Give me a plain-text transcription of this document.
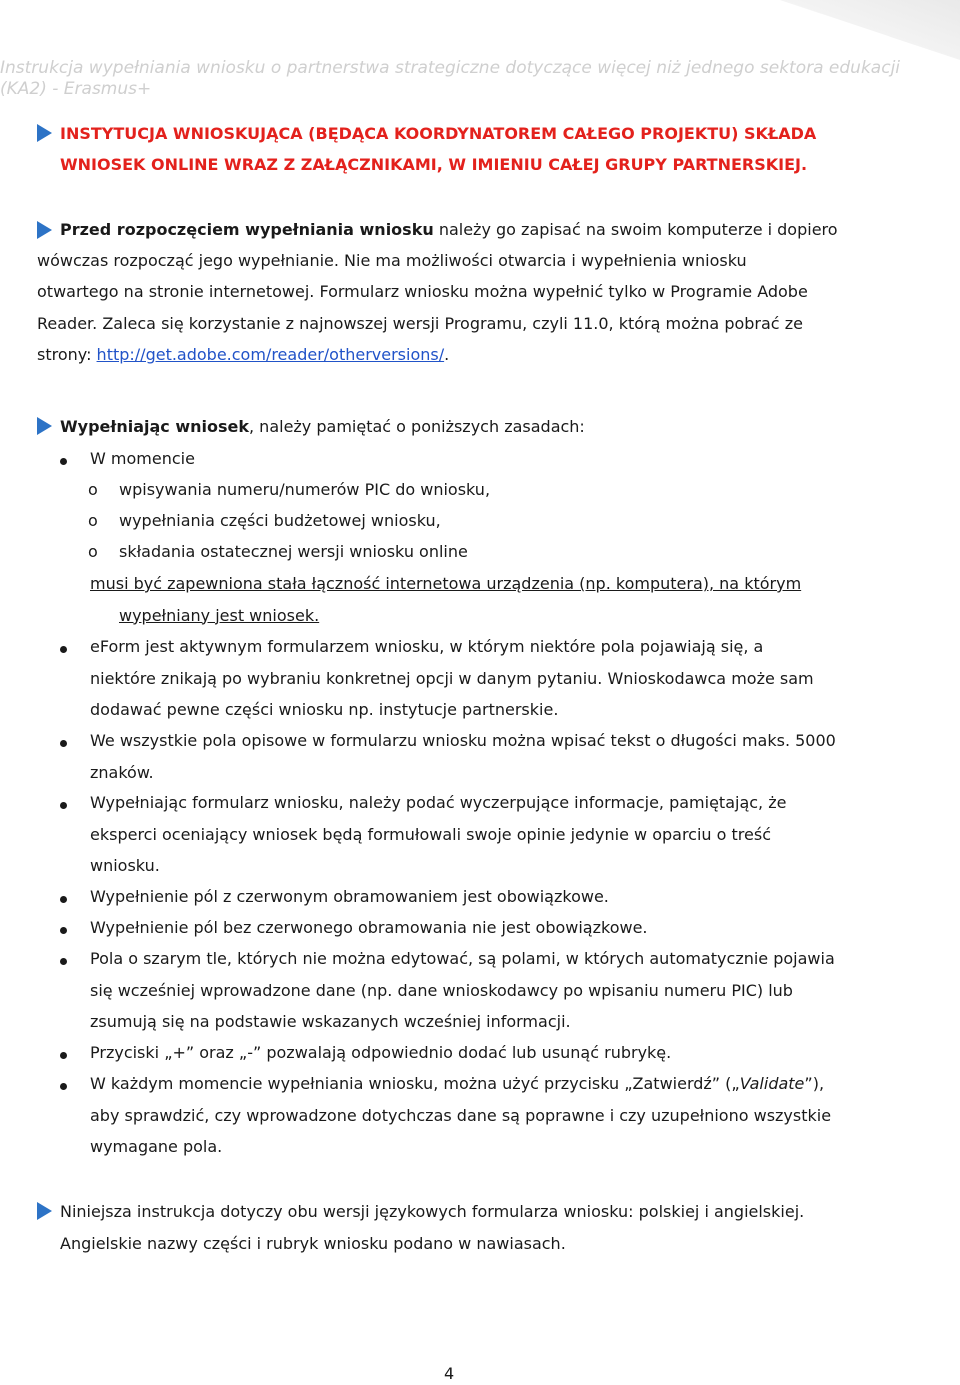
Instrukcja wypełniania wniosku o partnerstwa strategiczne dotyczące więcej niż jednego sektora edukacji
(KA2) - Erasmus+
INSTYTUCJA WNIOSKUJĄCA (BĘDĄCA KOORDYNATOREM CAŁEGO PROJEKTU) SKŁADA
WNIOSEK ONLINE WRAZ Z ZAŁĄCZNIKAMI, W IMIENIU CAŁEJ GRUPY PARTNERSKIEJ.
Przed rozpoczęciem wypełniania wniosku należy go zapisać na swoim komputerze i dopiero
wówczas rozpocząć jego wypełnianie. Nie ma możliwości otwarcia i wypełnienia wniosku
otwartego na stronie internetowej. Formularz wniosku można wypełnić tylko w Programie Adobe
Reader. Zaleca się korzystanie z najnowszej wersji Programu, czyli 11.0, którą można pobrać ze
strony: http://get.adobe.com/reader/otherversions/.
Wypełniając wniosek, należy pamiętać o poniższych zasadach:
W momencie
o wpisywania numeru/numerów PIC do wniosku,
o wypełniania części budżetowej wniosku,
o składania ostatecznej wersji wniosku online
musi być zapewniona stała łączność internetowa urządzenia (np. komputera), na którym
wypełniany jest wniosek.
eForm jest aktywnym formularzem wniosku, w którym niektóre pola pojawiają się, a
niektóre znikają po wybraniu konkretnej opcji w danym pytaniu. Wnioskodawca może sam
dodawać pewne części wniosku np. instytucje partnerskie.
We wszystkie pola opisowe w formularzu wniosku można wpisać tekst o długości maks. 5000
znaków.
Wypełniając formularz wniosku, należy podać wyczerpujące informacje, pamiętając, że
eksperci oceniający wniosek będą formułowali swoje opinie jedynie w oparciu o treść
wniosku.
Wypełnienie pól z czerwonym obramowaniem jest obowiązkowe.
Wypełnienie pól bez czerwonego obramowania nie jest obowiązkowe.
Pola o szarym tle, których nie można edytować, są polami, w których automatycznie pojawia
się wcześniej wprowadzone dane (np. dane wnioskodawcy po wpisaniu numeru PIC) lub
zsumują się na podstawie wskazanych wcześniej informacji.
Przyciski „+” oraz „-” pozwalają odpowiednio dodać lub usunąć rubrykę.
W każdym momencie wypełniania wniosku, można użyć przycisku „Zatwierdź” („Validate”),
aby sprawdzić, czy wprowadzone dotychczas dane są poprawne i czy uzupełniono wszystkie
wymagane pola.
Niniejsza instrukcja dotyczy obu wersji językowych formularza wniosku: polskiej i angielskiej.
Angielskie nazwy części i rubryk wniosku podano w nawiasach.
4
